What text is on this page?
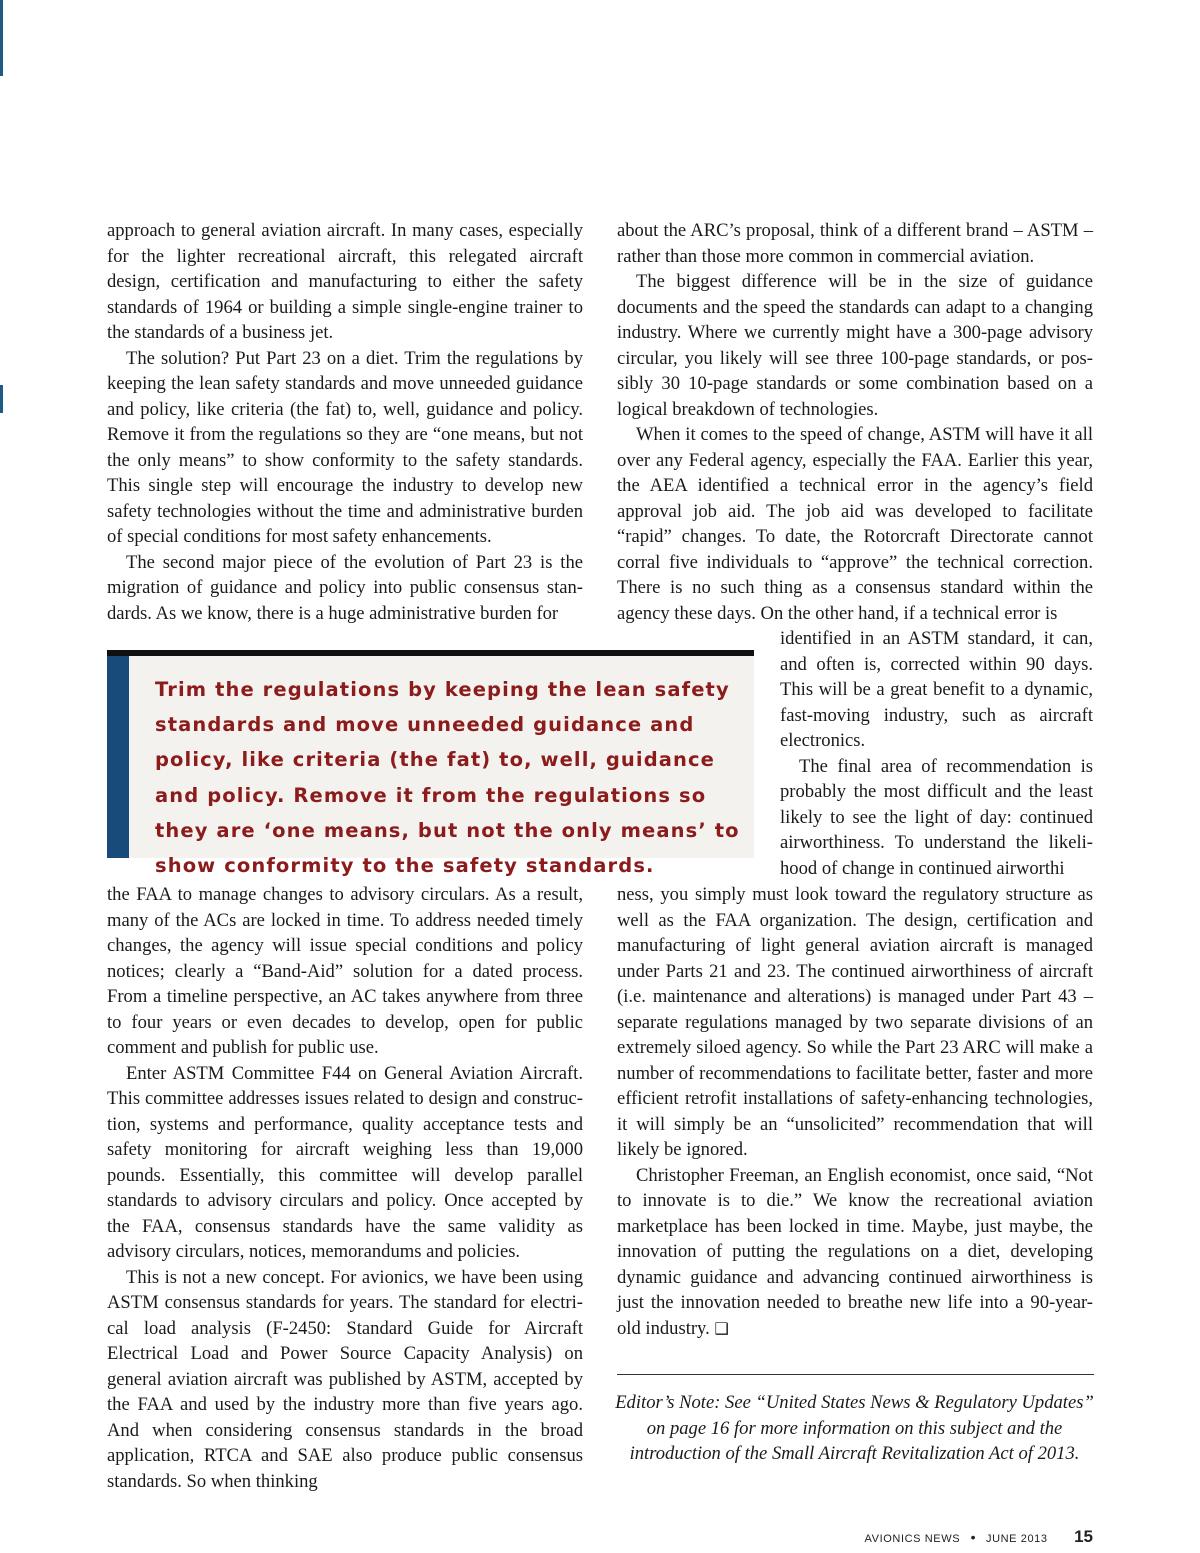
approach to general aviation aircraft. In many cases, especially for the lighter recreational aircraft, this relegated aircraft design, certification and manufacturing to either the safety standards of 1964 or building a simple single-engine trainer to the standards of a business jet.

The solution? Put Part 23 on a diet. Trim the regulations by keeping the lean safety standards and move unneeded guidance and policy, like criteria (the fat) to, well, guidance and policy. Remove it from the regulations so they are “one means, but not the only means” to show conformity to the safety standards. This single step will encourage the industry to develop new safety technologies without the time and administrative burden of special conditions for most safety enhancements.

The second major piece of the evolution of Part 23 is the migration of guidance and policy into public consensus standards. As we know, there is a huge administrative burden for

Trim the regulations by keeping the lean safety standards and move unneeded guidance and policy, like criteria (the fat) to, well, guidance and policy. Remove it from the regulations so they are ‘one means, but not the only means’ to show conformity to the safety standards.

the FAA to manage changes to advisory circulars. As a result, many of the ACs are locked in time. To address needed timely changes, the agency will issue special conditions and policy notices; clearly a “Band-Aid” solution for a dated process. From a timeline perspective, an AC takes anywhere from three to four years or even decades to develop, open for public comment and publish for public use.

Enter ASTM Committee F44 on General Aviation Aircraft. This committee addresses issues related to design and construction, systems and performance, quality acceptance tests and safety monitoring for aircraft weighing less than 19,000 pounds. Essentially, this committee will develop parallel standards to advisory circulars and policy. Once accepted by the FAA, consensus standards have the same validity as advisory circulars, notices, memorandums and policies.

This is not a new concept. For avionics, we have been using ASTM consensus standards for years. The standard for electrical load analysis (F-2450: Standard Guide for Aircraft Electrical Load and Power Source Capacity Analysis) on general aviation aircraft was published by ASTM, accepted by the FAA and used by the industry more than five years ago. And when considering consensus standards in the broad application, RTCA and SAE also produce public consensus standards. So when thinking

about the ARC’s proposal, think of a different brand – ASTM – rather than those more common in commercial aviation.

The biggest difference will be in the size of guidance documents and the speed the standards can adapt to a changing industry. Where we currently might have a 300-page advisory circular, you likely will see three 100-page standards, or possibly 30 10-page standards or some combination based on a logical breakdown of technologies.

When it comes to the speed of change, ASTM will have it all over any Federal agency, especially the FAA. Earlier this year, the AEA identified a technical error in the agency’s field approval job aid. The job aid was developed to facilitate “rapid” changes. To date, the Rotorcraft Directorate cannot corral five individuals to “approve” the technical correction. There is no such thing as a consensus standard within the agency these days. On the other hand, if a technical error is

identified in an ASTM standard, it can, and often is, corrected within 90 days. This will be a great benefit to a dynamic, fast-moving industry, such as aircraft electronics.

The final area of recommendation is probably the most difficult and the least likely to see the light of day: continued airworthiness. To understand the likelihood of change in continued airworthi

ness, you simply must look toward the regulatory structure as well as the FAA organization. The design, certification and manufacturing of light general aviation aircraft is managed under Parts 21 and 23. The continued airworthiness of aircraft (i.e. maintenance and alterations) is managed under Part 43 – separate regulations managed by two separate divisions of an extremely siloed agency. So while the Part 23 ARC will make a number of recommendations to facilitate better, faster and more efficient retrofit installations of safety-enhancing technologies, it will simply be an “unsolicited” recommendation that will likely be ignored.

Christopher Freeman, an English economist, once said, “Not to innovate is to die.” We know the recreational aviation marketplace has been locked in time. Maybe, just maybe, the innovation of putting the regulations on a diet, developing dynamic guidance and advancing continued airworthiness is just the innovation needed to breathe new life into a 90-year-old industry. ❑

Editor’s Note: See “United States News & Regulatory Updates” on page 16 for more information on this subject and the introduction of the Small Aircraft Revitalization Act of 2013.
AVIONICS NEWS • JUNE 2013 15
